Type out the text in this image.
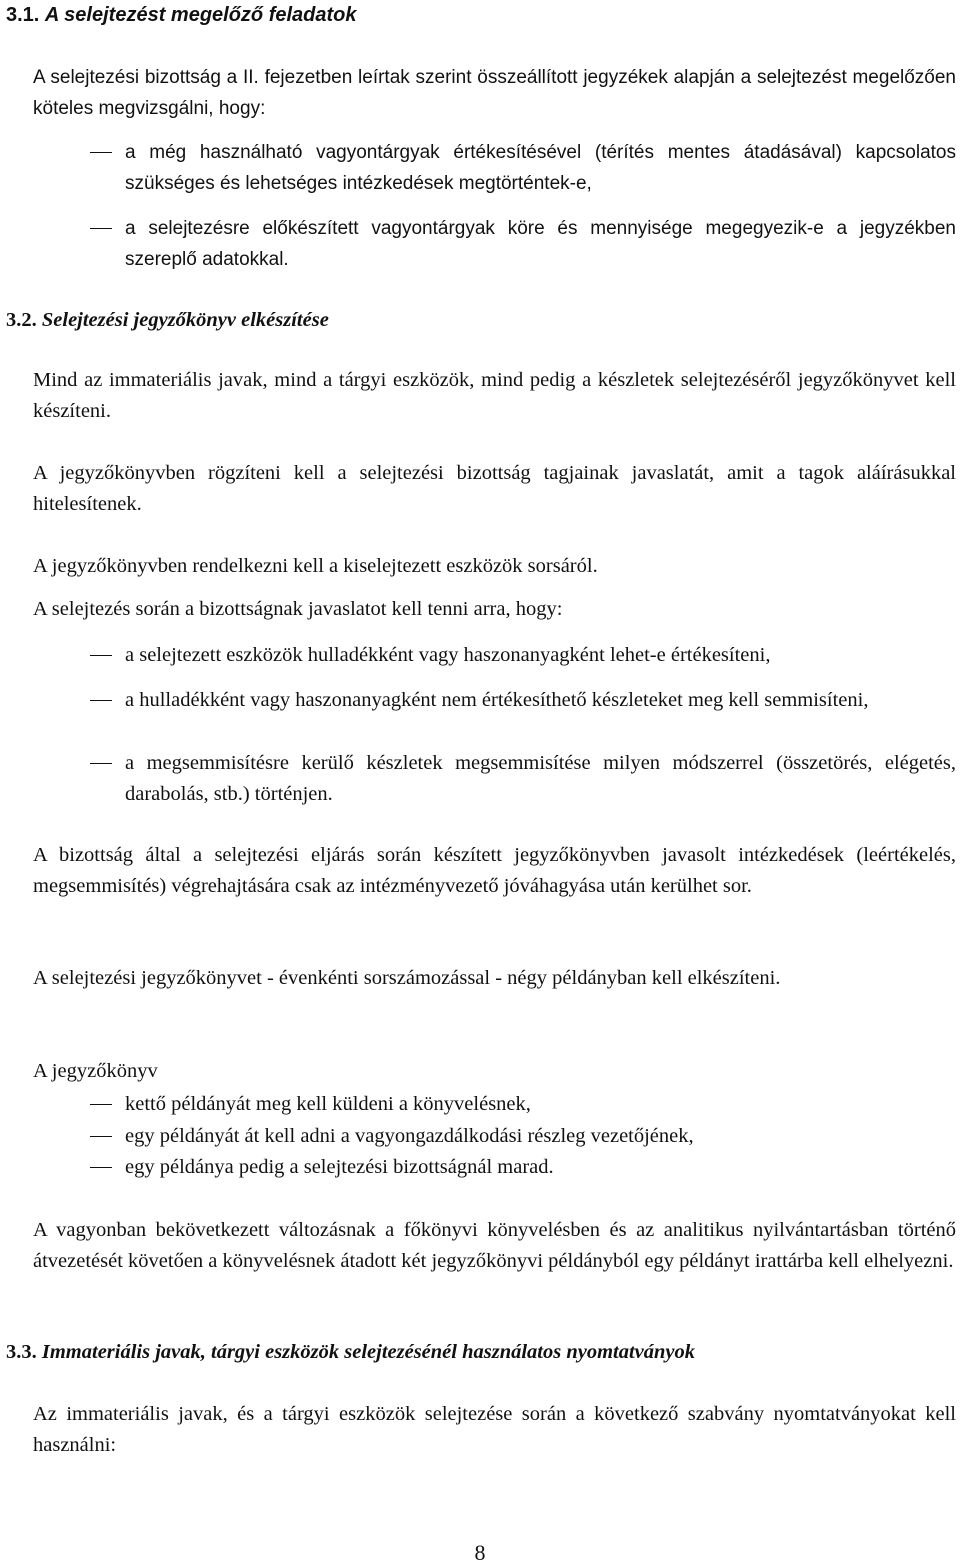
3.1. A selejtezést megelőző feladatok

A selejtezési bizottság a II. fejezetben leírtak szerint összeállított jegyzékek alapján a selejtezést megelőzően köteles megvizsgálni, hogy:

a még használható vagyontárgyak értékesítésével (térítés mentes átadásával) kapcsolatos szükséges és lehetséges intézkedések megtörténtek-e,

a selejtezésre előkészített vagyontárgyak köre és mennyisége megegyezik-e a jegyzékben szereplő adatokkal.

3.2. Selejtezési jegyzőkönyv elkészítése

Mind az immateriális javak, mind a tárgyi eszközök, mind pedig a készletek selejtezéséről jegyzőkönyvet kell készíteni.

A jegyzőkönyvben rögzíteni kell a selejtezési bizottság tagjainak javaslatát, amit a tagok aláírásukkal hitelesítenek.

A jegyzőkönyvben rendelkezni kell a kiselejtezett eszközök sorsáról.

A selejtezés során a bizottságnak javaslatot kell tenni arra, hogy:

a selejtezett eszközök hulladékként vagy haszonanyagként lehet-e értékesíteni,

a hulladékként vagy haszonanyagként nem értékesíthető készleteket meg kell semmisíteni,

a megsemmisítésre kerülő készletek megsemmisítése milyen módszerrel (összetörés, elégetés, darabolás, stb.) történjen.

A bizottság által a selejtezési eljárás során készített jegyzőkönyvben javasolt intézkedések (leértékelés, megsemmisítés) végrehajtására csak az intézményvezető jóváhagyása után kerülhet sor.

A selejtezési jegyzőkönyvet - évenkénti sorszámozással - négy példányban kell elkészíteni.

A jegyzőkönyv

kettő példányát meg kell küldeni a könyvelésnek,

egy példányát át kell adni a vagyongazdálkodási részleg vezetőjének,

egy példánya pedig a selejtezési bizottságnál marad.

A vagyonban bekövetkezett változásnak a főkönyvi könyvelésben és az analitikus nyilvántartásban történő átvezetését követően a könyvelésnek átadott két jegyzőkönyvi példányból egy példányt irattárba kell elhelyezni.

3.3. Immateriális javak, tárgyi eszközök selejtezésénél használatos nyomtatványok

Az immateriális javak, és a tárgyi eszközök selejtezése során a következő szabvány nyomtatványokat kell használni:

8
